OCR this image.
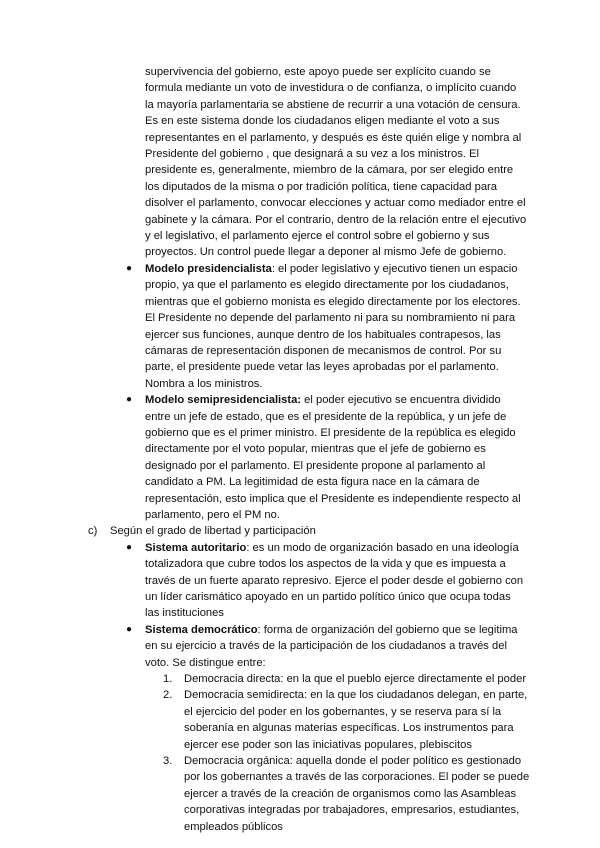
supervivencia del gobierno, este apoyo puede ser explícito cuando se formula mediante un voto de investidura o de confianza, o implícito cuando la mayoría parlamentaria se abstiene de recurrir a una votación de censura. Es en este sistema donde los ciudadanos eligen mediante el voto a sus representantes en el parlamento, y después es éste quién elige y nombra al Presidente del gobierno , que designará a su vez a los ministros. El presidente es, generalmente, miembro de la cámara, por ser elegido entre los diputados de la misma o por tradición política, tiene capacidad para disolver el parlamento, convocar elecciones y actuar como mediador entre el gabinete y la cámara. Por el contrario, dentro de la relación entre el ejecutivo y el legislativo, el parlamento ejerce el control sobre el gobierno y sus proyectos. Un control puede llegar a deponer al mismo Jefe de gobierno.

● Modelo presidencialista: el poder legislativo y ejecutivo tienen un espacio propio, ya que el parlamento es elegido directamente por los ciudadanos, mientras que el gobierno monista es elegido directamente por los electores. El Presidente no depende del parlamento ni para su nombramiento ni para ejercer sus funciones, aunque dentro de los habituales contrapesos, las cámaras de representación disponen de mecanismos de control. Por su parte, el presidente puede vetar las leyes aprobadas por el parlamento. Nombra a los ministros.
● Modelo semipresidencialista: el poder ejecutivo se encuentra dividido entre un jefe de estado, que es el presidente de la república, y un jefe de gobierno que es el primer ministro. El presidente de la república es elegido directamente por el voto popular, mientras que el jefe de gobierno es designado por el parlamento. El presidente propone al parlamento al candidato a PM. La legitimidad de esta figura nace en la cámara de representación, esto implica que el Presidente es independiente respecto al parlamento, pero el PM no.
c) Según el grado de libertad y participación
● Sistema autoritario: es un modo de organización basado en una ideología totalizadora que cubre todos los aspectos de la vida y que es impuesta a través de un fuerte aparato represivo. Ejerce el poder desde el gobierno con un líder carismático apoyado en un partido político único que ocupa todas las instituciones
● Sistema democrático: forma de organización del gobierno que se legitima en su ejercicio a través de la participación de los ciudadanos a través del voto. Se distingue entre:
1. Democracia directa: en la que el pueblo ejerce directamente el poder
2. Democracia semidirecta: en la que los ciudadanos delegan, en parte, el ejercicio del poder en los gobernantes, y se reserva para sí la soberanía en algunas materias específicas. Los instrumentos para ejercer ese poder son las iniciativas populares, plebiscitos
3. Democracia orgánica: aquella donde el poder político es gestionado por los gobernantes a través de las corporaciones. El poder se puede ejercer a través de la creación de organismos como las Asambleas corporativas integradas por trabajadores, empresarios, estudiantes, empleados públicos
